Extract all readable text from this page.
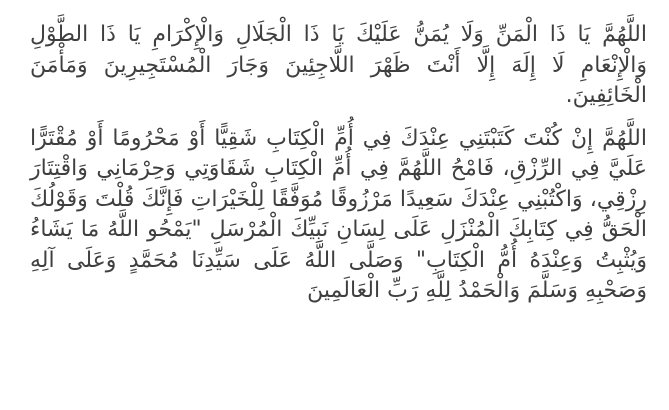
اللَّهُمَّ يَا ذَا الْمَنِّ وَلَا يُمَنُّ عَلَيْكَ يَا ذَا الْجَلَالِ وَالْإِكْرَامِ يَا ذَا الطَّوْلِ وَالْإِنْعَامِ لَا إِلَهَ إِلَّا أَنْتَ ظَهْرَ اللَّاجِئِينَ وَجَارَ الْمُسْتَجِيرِينَ وَمَأْمَنَ الْخَائِفِينَ.

اللَّهُمَّ إِنْ كُنْتَ كَتَبْتَنِي عِنْدَكَ فِي أُمِّ الْكِتَابِ شَقِيًّا أَوْ مَحْرُومًا أَوْ مُقْتَرًّا عَلَيَّ فِي الرِّزْقِ، فَامْحُ اللَّهُمَّ فِي أُمِّ الْكِتَابِ شَقَاوَتِي وَحِرْمَانِي وَاقْتِتَارَ رِزْقِي، وَاكْتُبْنِي عِنْدَكَ سَعِيدًا مَرْزُوقًا مُوَفَّقًا لِلْخَيْرَاتِ فَإِنَّكَ قُلْتَ وَقَوْلُكَ الْحَقُّ فِي كِتَابِكَ الْمُنْزَلِ عَلَى لِسَانِ نَبِيِّكَ الْمُرْسَلِ "يَمْحُو اللَّهُ مَا يَشَاءُ وَيُثْبِتُ وَعِنْدَهُ أُمُّ الْكِتَابِ" وَصَلَّى اللَّهُ عَلَى سَيِّدِنَا مُحَمَّدٍ وَعَلَى آلِهِ وَصَحْبِهِ وَسَلَّمَ وَالْحَمْدُ لِلَّهِ رَبِّ الْعَالَمِينَ
